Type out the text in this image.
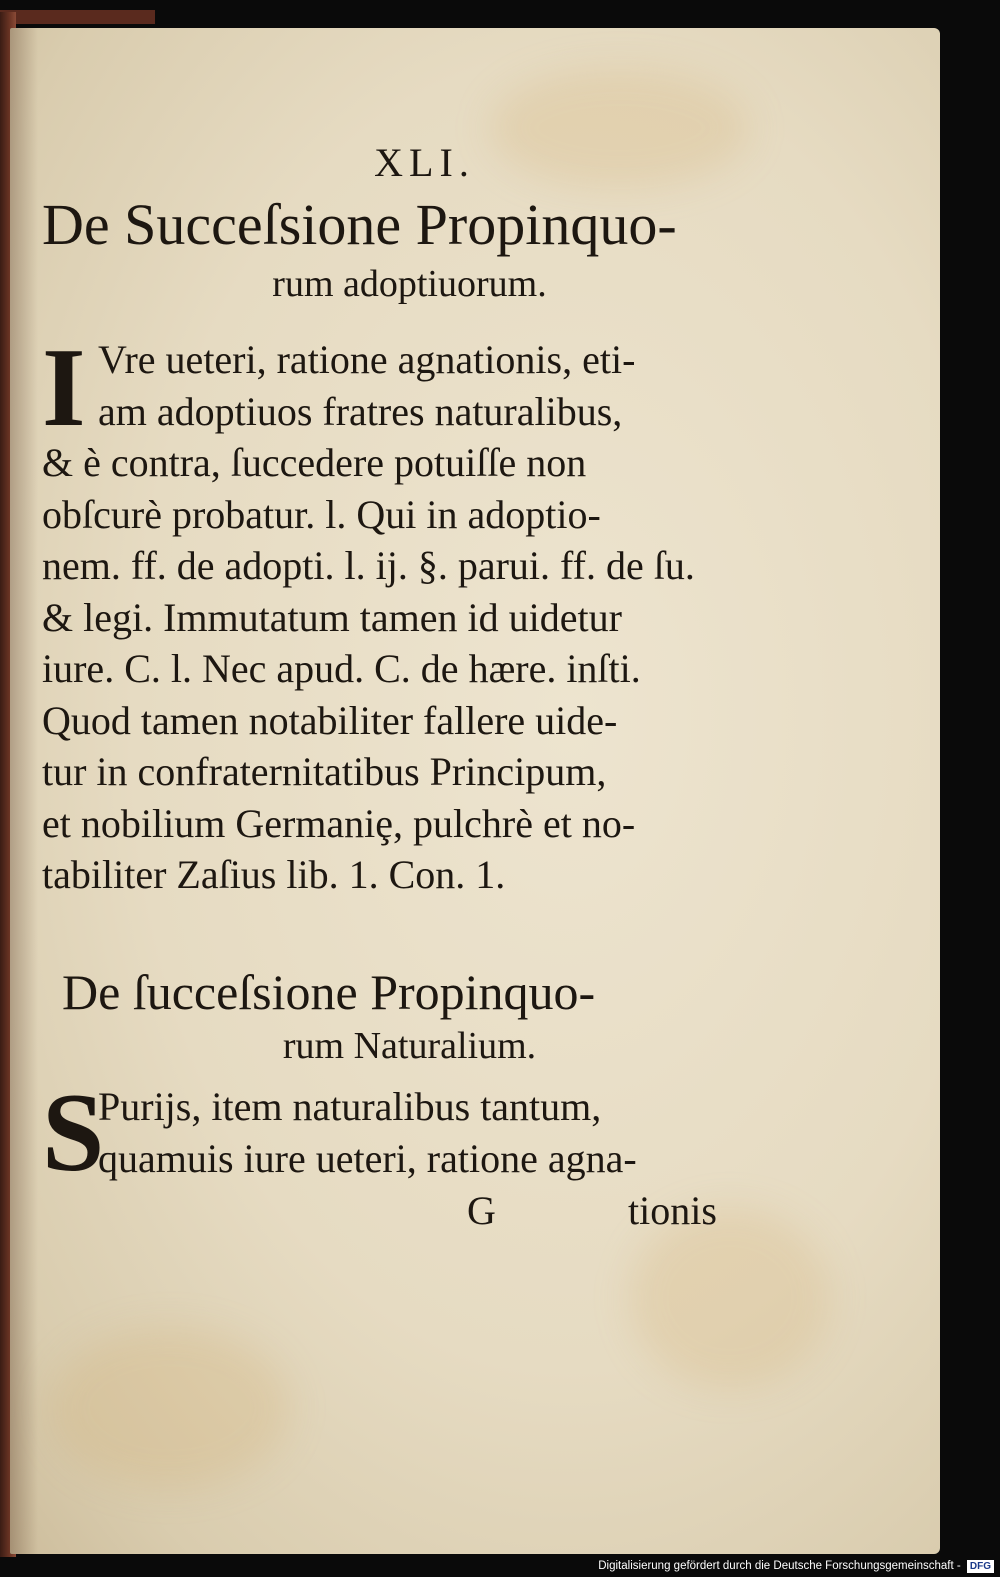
XLI.
De Succeſsione Propinquo-
rum adoptiuorum.
I Vre ueteri, ratione agnationis, eti-
am adoptiuos fratres naturalibus,
& è contra, ſuccedere potuiſſe non
obſcurè probatur. l. Qui in adoptio-
nem. ff. de adopti. l. ij. §. parui. ff. de ſu.
& legi. Immutatum tamen id uidetur
iure. C. l. Nec apud. C. de hære. inſti.
Quod tamen notabiliter fallere uide-
tur in confraternitatibus Principum,
et nobilium Germaniȩ, pulchrè et no-
tabiliter Zaſius lib. 1. Con. 1.
De ſucceſsione Propinquo-
rum Naturalium.
S
Puriјs, item naturalibus tantum,
quamuis iure ueteri, ratione agna-
G	tionis
Digitalisierung gefördert durch die Deutsche Forschungsgemeinschaft - DFG
